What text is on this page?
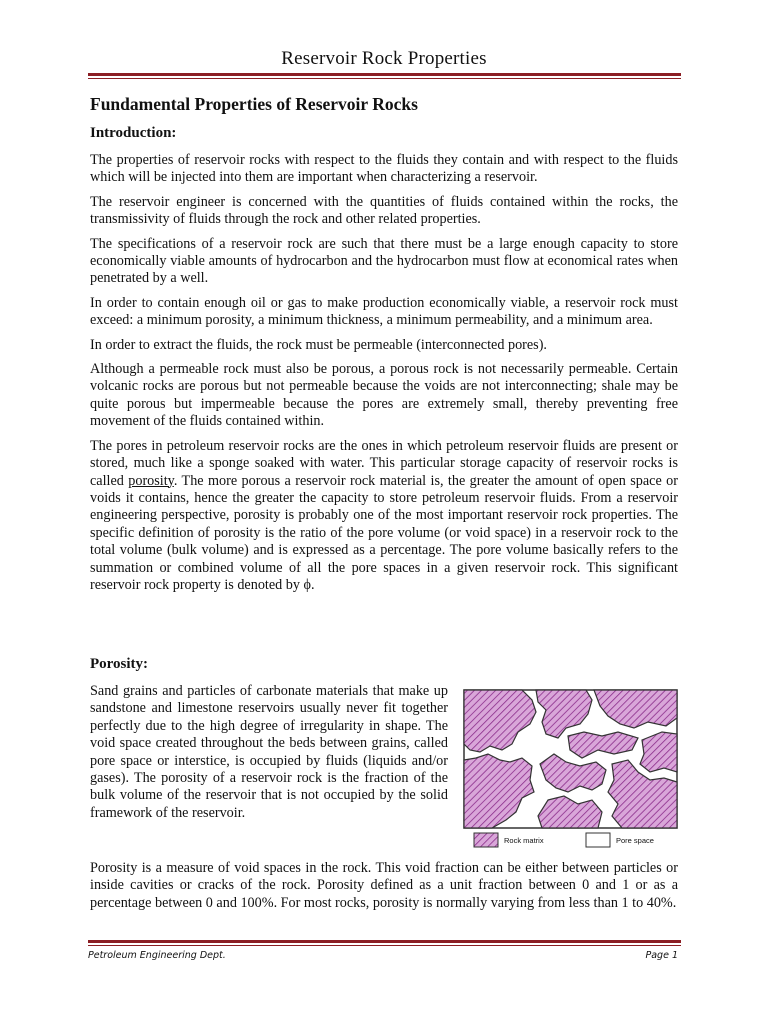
Reservoir Rock Properties
Fundamental Properties of Reservoir Rocks
Introduction:

The properties of reservoir rocks with respect to the fluids they contain and with respect to the fluids which will be injected into them are important when characterizing a reservoir.

The reservoir engineer is concerned with the quantities of fluids contained within the rocks, the transmissivity of fluids through the rock and other related properties.

The specifications of a reservoir rock are such that there must be a large enough capacity to store economically viable amounts of hydrocarbon and the hydrocarbon must flow at economical rates when penetrated by a well.

In order to contain enough oil or gas to make production economically viable, a reservoir rock must exceed: a minimum porosity, a minimum thickness, a minimum permeability, and a minimum area.

In order to extract the fluids, the rock must be permeable (interconnected pores).

Although a permeable rock must also be porous, a porous rock is not necessarily permeable. Certain volcanic rocks are porous but not permeable because the voids are not interconnecting; shale may be quite porous but impermeable because the pores are extremely small, thereby preventing free movement of the fluids contained within.

The pores in petroleum reservoir rocks are the ones in which petroleum reservoir fluids are present or stored, much like a sponge soaked with water. This particular storage capacity of reservoir rocks is called porosity. The more porous a reservoir rock material is, the greater the amount of open space or voids it contains, hence the greater the capacity to store petroleum reservoir fluids. From a reservoir engineering perspective, porosity is probably one of the most important reservoir rock properties. The specific definition of porosity is the ratio of the pore volume (or void space) in a reservoir rock to the total volume (bulk volume) and is expressed as a percentage. The pore volume basically refers to the summation or combined volume of all the pore spaces in a given reservoir rock. This significant reservoir rock property is denoted by ϕ.

Porosity:

Sand grains and particles of carbonate materials that make up sandstone and limestone reservoirs usually never fit together perfectly due to the high degree of irregularity in shape. The void space created throughout the beds between grains, called pore space or interstice, is occupied by fluids (liquids and/or gases). The porosity of a reservoir rock is the fraction of the bulk volume of the reservoir that is not occupied by the solid framework of the reservoir.

Rock matrix	Pore space

Porosity is a measure of void spaces in the rock. This void fraction can be either between particles or inside cavities or cracks of the rock. Porosity defined as a unit fraction between 0 and 1 or as a percentage between 0 and 100%. For most rocks, porosity is normally varying from less than 1 to 40%.

Petroleum Engineering Dept.	Page 1
